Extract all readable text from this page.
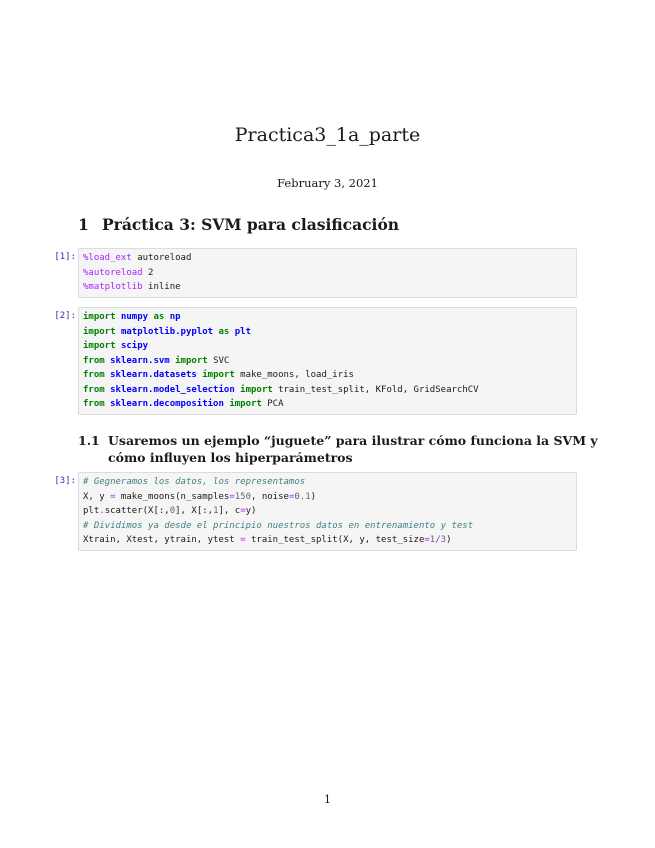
Practica3_1a_parte
February 3, 2021
1 Práctica 3: SVM para clasificación
[1]: %load_ext autoreload
%autoreload 2
%matplotlib inline
[2]: import numpy as np
import matplotlib.pyplot as plt
import scipy
from sklearn.svm import SVC
from sklearn.datasets import make_moons, load_iris
from sklearn.model_selection import train_test_split, KFold, GridSearchCV
from sklearn.decomposition import PCA
1.1 Usaremos un ejemplo “juguete” para ilustrar cómo funciona la SVM y cómo influyen los hiperparámetros
[3]: # Gegneramos los datos, los representamos
X, y = make_moons(n_samples=150, noise=0.1)
plt.scatter(X[:,0], X[:,1], c=y)
# Dividimos ya desde el principio nuestros datos en entrenamiento y test
Xtrain, Xtest, ytrain, ytest = train_test_split(X, y, test_size=1/3)
1
